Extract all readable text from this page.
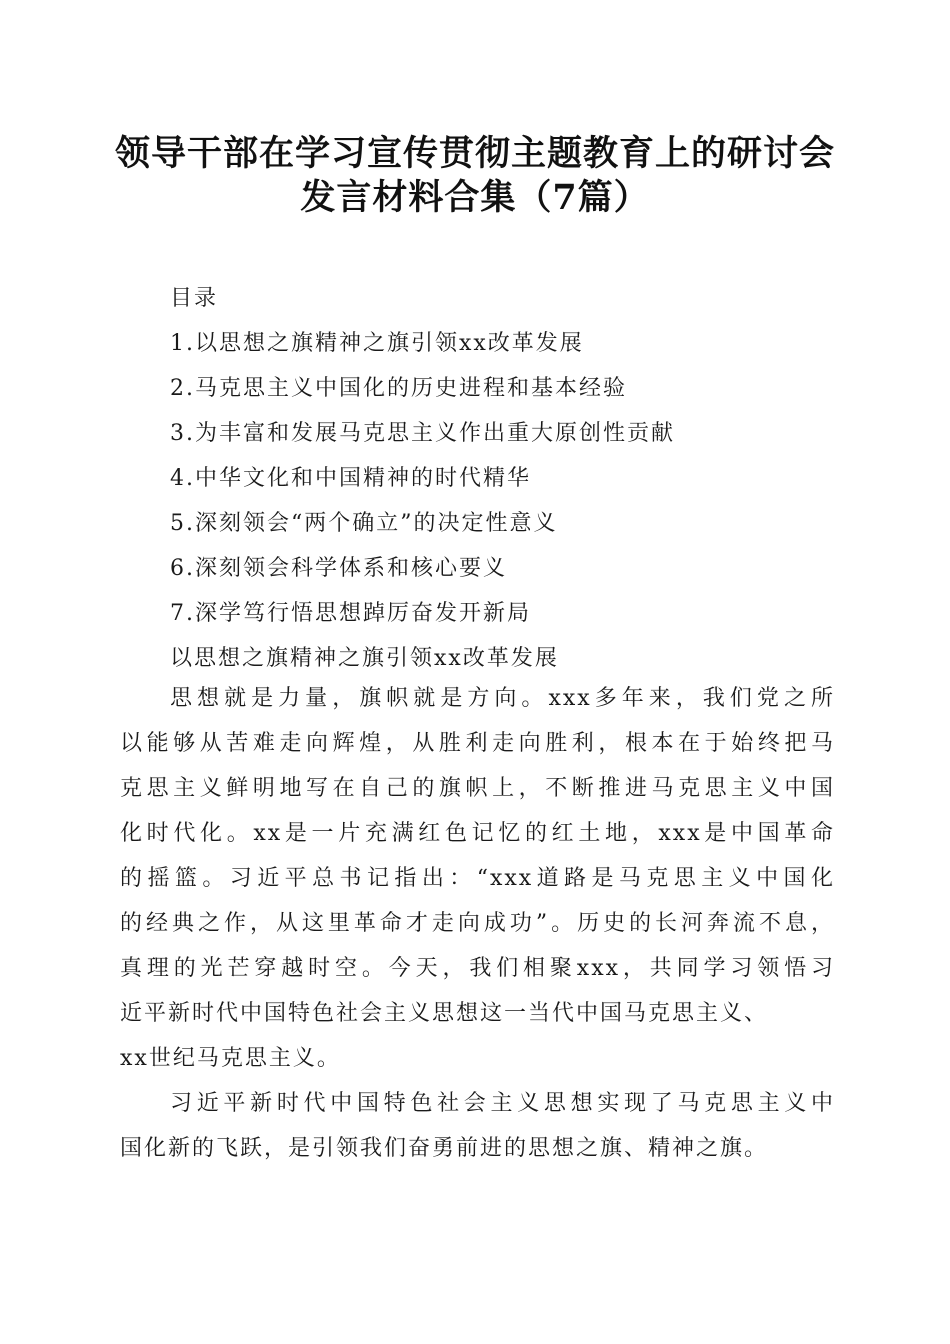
领导干部在学习宣传贯彻主题教育上的研讨会
发言材料合集（7篇）
目录
1.以思想之旗精神之旗引领xx改革发展
2.马克思主义中国化的历史进程和基本经验
3.为丰富和发展马克思主义作出重大原创性贡献
4.中华文化和中国精神的时代精华
5.深刻领会“两个确立”的决定性意义
6.深刻领会科学体系和核心要义
7.深学笃行悟思想踔厉奋发开新局
以思想之旗精神之旗引领xx改革发展
思想就是力量，旗帜就是方向。xxx多年来，我们党之所
以能够从苦难走向辉煌，从胜利走向胜利，根本在于始终把马
克思主义鲜明地写在自己的旗帜上，不断推进马克思主义中国
化时代化。xx是一片充满红色记忆的红土地，xxx是中国革命
的摇篮。习近平总书记指出：“xxx道路是马克思主义中国化
的经典之作，从这里革命才走向成功”。历史的长河奔流不息，
真理的光芒穿越时空。今天，我们相聚xxx，共同学习领悟习
近平新时代中国特色社会主义思想这一当代中国马克思主义、
xx世纪马克思主义。
习近平新时代中国特色社会主义思想实现了马克思主义中
国化新的飞跃，是引领我们奋勇前进的思想之旗、精神之旗。
